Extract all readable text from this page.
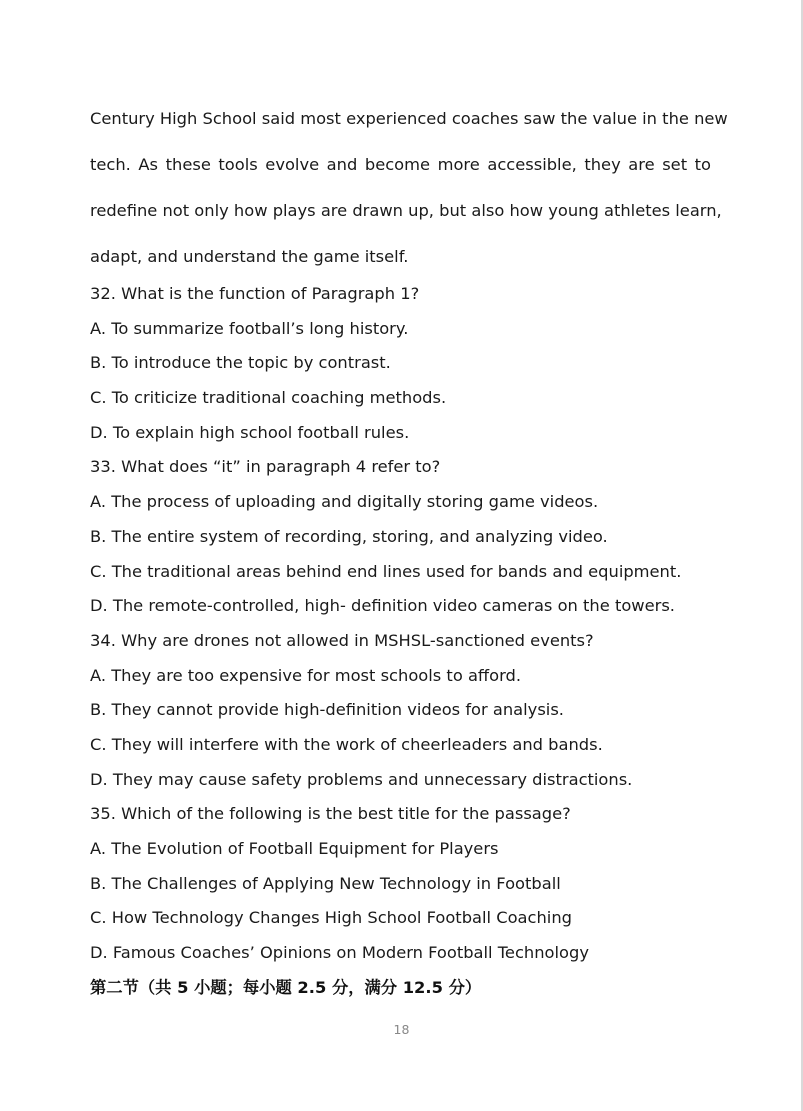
Century High School said most experienced coaches saw the value in the new
tech. As these tools evolve and become more accessible, they are set to
redefine not only how plays are drawn up, but also how young athletes learn,
adapt, and understand the game itself.
32. What is the function of Paragraph 1?
A. To summarize football’s long history.
B. To introduce the topic by contrast.
C. To criticize traditional coaching methods.
D. To explain high school football rules.
33. What does “it” in paragraph 4 refer to?
A. The process of uploading and digitally storing game videos.
B. The entire system of recording, storing, and analyzing video.
C. The traditional areas behind end lines used for bands and equipment.
D. The remote-controlled, high- definition video cameras on the towers.
34. Why are drones not allowed in MSHSL-sanctioned events?
A. They are too expensive for most schools to afford.
B. They cannot provide high-definition videos for analysis.
C. They will interfere with the work of cheerleaders and bands.
D. They may cause safety problems and unnecessary distractions.
35. Which of the following is the best title for the passage?
A. The Evolution of Football Equipment for Players
B. The Challenges of Applying New Technology in Football
C. How Technology Changes High School Football Coaching
D. Famous Coaches’ Opinions on Modern Football Technology
第二节（共 5 小题；每小题 2.5 分，满分 12.5 分）
18
